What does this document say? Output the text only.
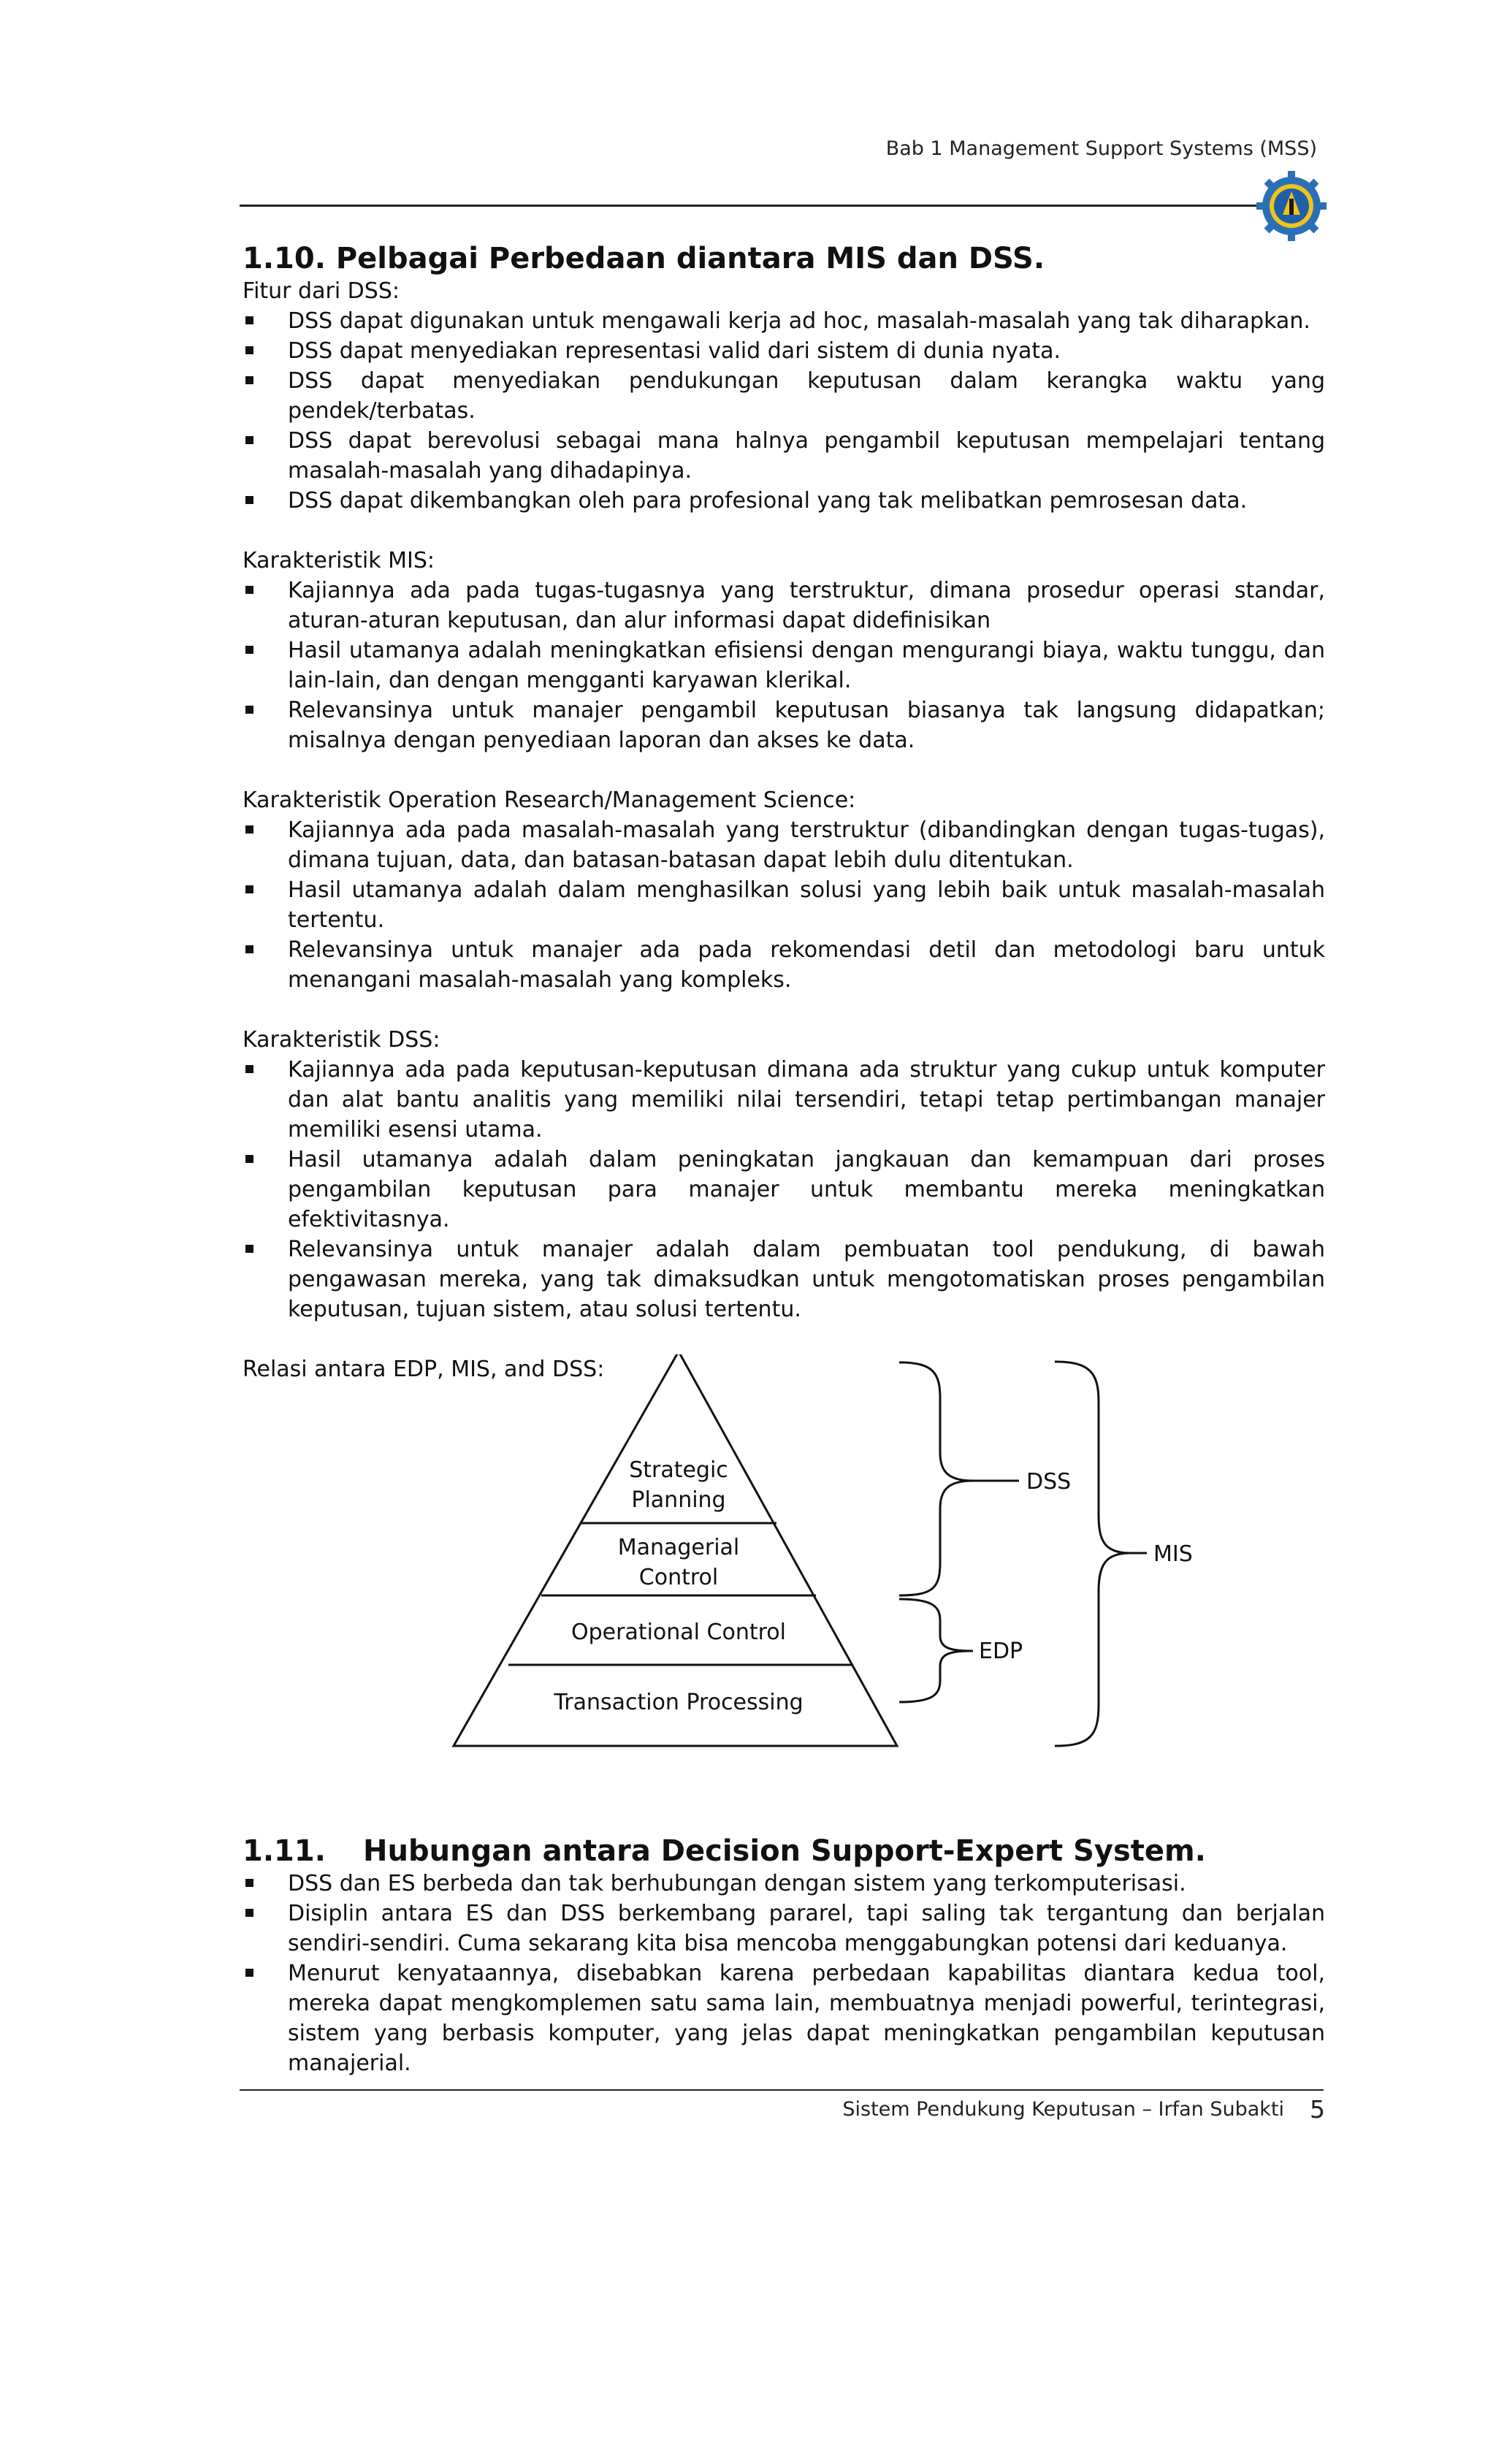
Bab 1 Management Support Systems (MSS)
1.10. Pelbagai Perbedaan diantara MIS dan DSS.

Fitur dari DSS:

DSS dapat digunakan untuk mengawali kerja ad hoc, masalah-masalah yang tak diharapkan.
DSS dapat menyediakan representasi valid dari sistem di dunia nyata.
DSS dapat menyediakan pendukungan keputusan dalam kerangka waktu yang pendek/terbatas.
DSS dapat berevolusi sebagai mana halnya pengambil keputusan mempelajari tentang masalah-masalah yang dihadapinya.
DSS dapat dikembangkan oleh para profesional yang tak melibatkan pemrosesan data.

Karakteristik MIS:

Kajiannya ada pada tugas-tugasnya yang terstruktur, dimana prosedur operasi standar, aturan-aturan keputusan, dan alur informasi dapat didefinisikan
Hasil utamanya adalah meningkatkan efisiensi dengan mengurangi biaya, waktu tunggu, dan lain-lain, dan dengan mengganti karyawan klerikal.
Relevansinya untuk manajer pengambil keputusan biasanya tak langsung didapatkan; misalnya dengan penyediaan laporan dan akses ke data.

Karakteristik Operation Research/Management Science:

Kajiannya ada pada masalah-masalah yang terstruktur (dibandingkan dengan tugas-tugas), dimana tujuan, data, dan batasan-batasan dapat lebih dulu ditentukan.
Hasil utamanya adalah dalam menghasilkan solusi yang lebih baik untuk masalah-masalah tertentu.
Relevansinya untuk manajer ada pada rekomendasi detil dan metodologi baru untuk menangani masalah-masalah yang kompleks.

Karakteristik DSS:

Kajiannya ada pada keputusan-keputusan dimana ada struktur yang cukup untuk komputer dan alat bantu analitis yang memiliki nilai tersendiri, tetapi tetap pertimbangan manajer memiliki esensi utama.
Hasil utamanya adalah dalam peningkatan jangkauan dan kemampuan dari proses pengambilan keputusan para manajer untuk membantu mereka meningkatkan efektivitasnya.
Relevansinya untuk manajer adalah dalam pembuatan tool pendukung, di bawah pengawasan mereka, yang tak dimaksudkan untuk mengotomatiskan proses pengambilan keputusan, tujuan sistem, atau solusi tertentu.
Relasi antara EDP, MIS, and DSS:
Strategic
Planning
Managerial
Control
Operational Control
Transaction Processing
DSS
EDP
MIS
1.11. Hubungan antara Decision Support-Expert System.
DSS dan ES berbeda dan tak berhubungan dengan sistem yang terkomputerisasi.
Disiplin antara ES dan DSS berkembang pararel, tapi saling tak tergantung dan berjalan sendiri-sendiri. Cuma sekarang kita bisa mencoba menggabungkan potensi dari keduanya.
Menurut kenyataannya, disebabkan karena perbedaan kapabilitas diantara kedua tool, mereka dapat mengkomplemen satu sama lain, membuatnya menjadi powerful, terintegrasi, sistem yang berbasis komputer, yang jelas dapat meningkatkan pengambilan keputusan manajerial.
Sistem Pendukung Keputusan – Irfan Subakti 5
